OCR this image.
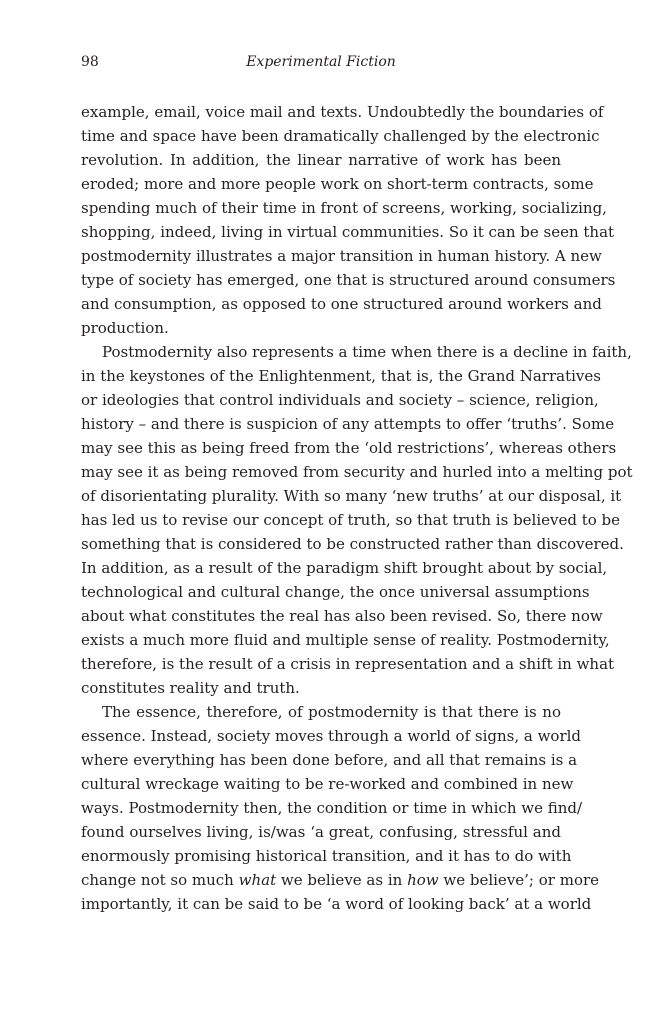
98	Experimental Fiction
example, email, voice mail and texts. Undoubtedly the boundaries of
time and space have been dramatically challenged by the electronic
revolution. In addition, the linear narrative of work has been
eroded; more and more people work on short-term contracts, some
spending much of their time in front of screens, working, socializing,
shopping, indeed, living in virtual communities. So it can be seen that
postmodernity illustrates a major transition in human history. A new
type of society has emerged, one that is structured around consumers
and consumption, as opposed to one structured around workers and
production.
Postmodernity also represents a time when there is a decline in faith,
in the keystones of the Enlightenment, that is, the Grand Narratives
or ideologies that control individuals and society – science, religion,
history – and there is suspicion of any attempts to offer ‘truths’. Some
may see this as being freed from the ‘old restrictions’, whereas others
may see it as being removed from security and hurled into a melting pot
of disorientating plurality. With so many ‘new truths’ at our disposal, it
has led us to revise our concept of truth, so that truth is believed to be
something that is considered to be constructed rather than discovered.
In addition, as a result of the paradigm shift brought about by social,
technological and cultural change, the once universal assumptions
about what constitutes the real has also been revised. So, there now
exists a much more fluid and multiple sense of reality. Postmodernity,
therefore, is the result of a crisis in representation and a shift in what
constitutes reality and truth.
The essence, therefore, of postmodernity is that there is no
essence. Instead, society moves through a world of signs, a world
where everything has been done before, and all that remains is a
cultural wreckage waiting to be re-worked and combined in new
ways. Postmodernity then, the condition or time in which we find/
found ourselves living, is/was ‘a great, confusing, stressful and
enormously promising historical transition, and it has to do with
change not so much what we believe as in how we believe’; or more
importantly, it can be said to be ‘a word of looking back’ at a world
